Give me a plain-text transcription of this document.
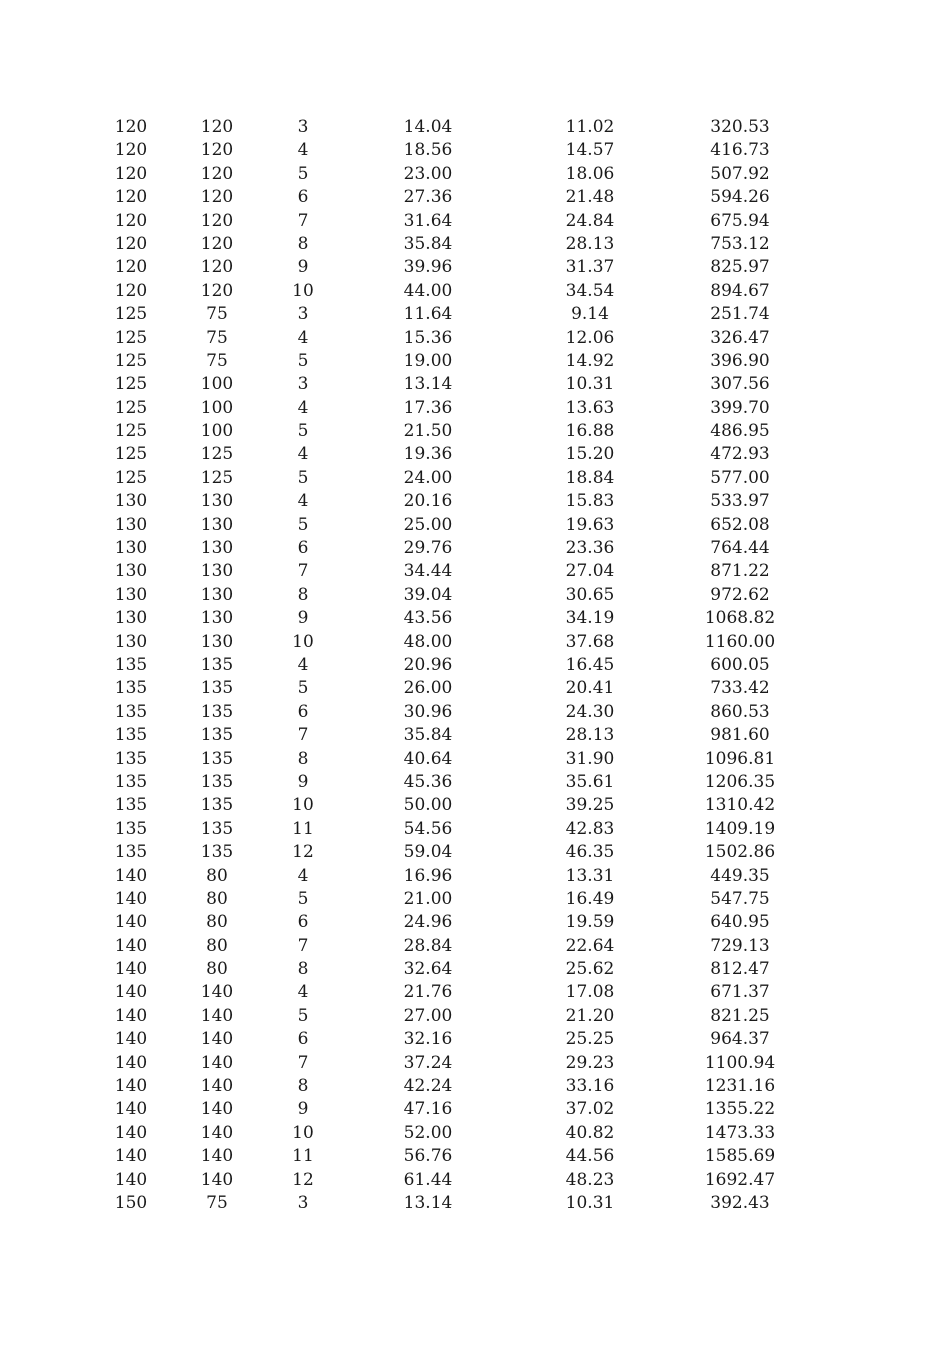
120	120	3	14.04	11.02	320.53
120	120	4	18.56	14.57	416.73
120	120	5	23.00	18.06	507.92
120	120	6	27.36	21.48	594.26
120	120	7	31.64	24.84	675.94
120	120	8	35.84	28.13	753.12
120	120	9	39.96	31.37	825.97
120	120	10	44.00	34.54	894.67
125	75	3	11.64	9.14	251.74
125	75	4	15.36	12.06	326.47
125	75	5	19.00	14.92	396.90
125	100	3	13.14	10.31	307.56
125	100	4	17.36	13.63	399.70
125	100	5	21.50	16.88	486.95
125	125	4	19.36	15.20	472.93
125	125	5	24.00	18.84	577.00
130	130	4	20.16	15.83	533.97
130	130	5	25.00	19.63	652.08
130	130	6	29.76	23.36	764.44
130	130	7	34.44	27.04	871.22
130	130	8	39.04	30.65	972.62
130	130	9	43.56	34.19	1068.82
130	130	10	48.00	37.68	1160.00
135	135	4	20.96	16.45	600.05
135	135	5	26.00	20.41	733.42
135	135	6	30.96	24.30	860.53
135	135	7	35.84	28.13	981.60
135	135	8	40.64	31.90	1096.81
135	135	9	45.36	35.61	1206.35
135	135	10	50.00	39.25	1310.42
135	135	11	54.56	42.83	1409.19
135	135	12	59.04	46.35	1502.86
140	80	4	16.96	13.31	449.35
140	80	5	21.00	16.49	547.75
140	80	6	24.96	19.59	640.95
140	80	7	28.84	22.64	729.13
140	80	8	32.64	25.62	812.47
140	140	4	21.76	17.08	671.37
140	140	5	27.00	21.20	821.25
140	140	6	32.16	25.25	964.37
140	140	7	37.24	29.23	1100.94
140	140	8	42.24	33.16	1231.16
140	140	9	47.16	37.02	1355.22
140	140	10	52.00	40.82	1473.33
140	140	11	56.76	44.56	1585.69
140	140	12	61.44	48.23	1692.47
150	75	3	13.14	10.31	392.43
